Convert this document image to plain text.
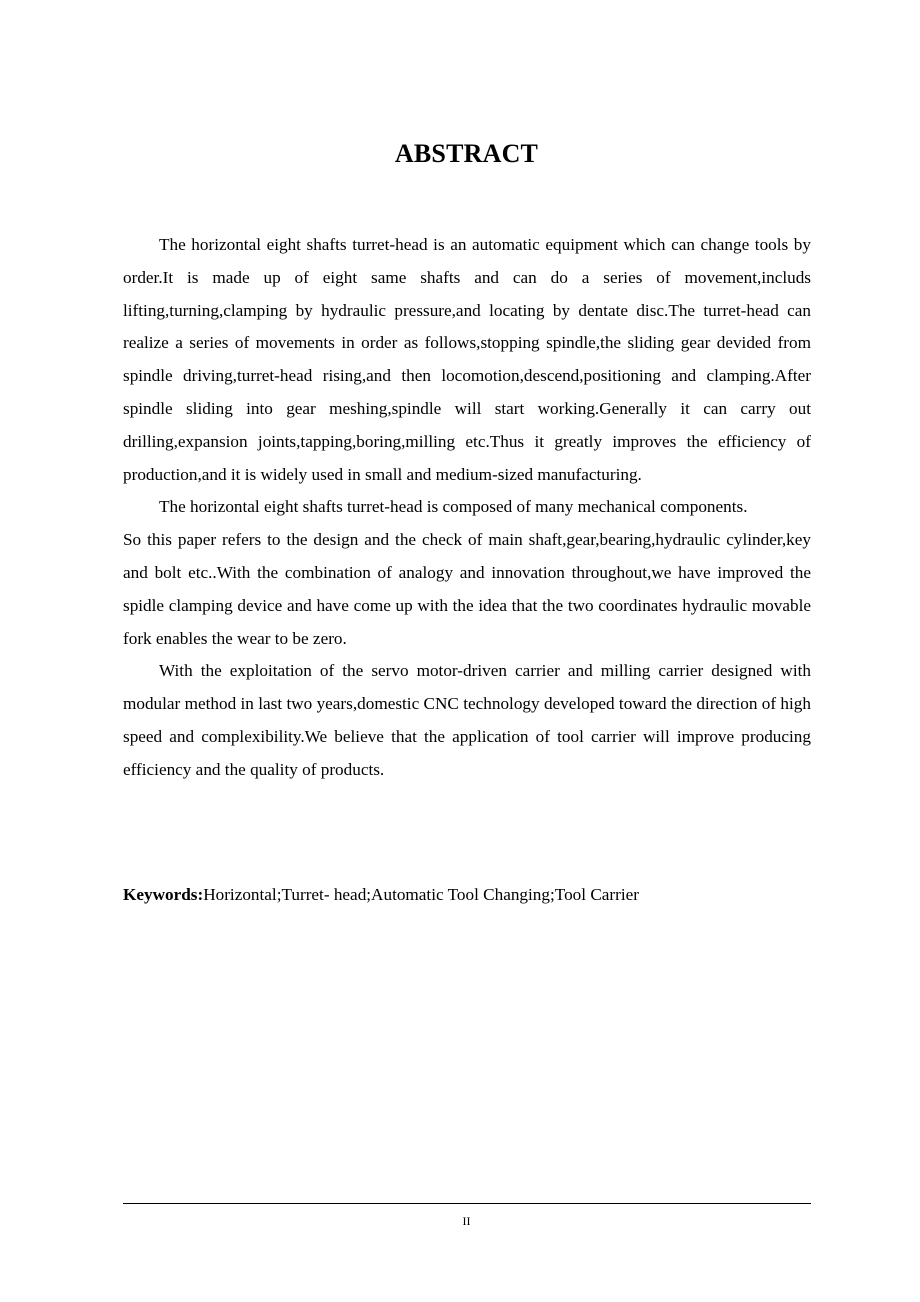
ABSTRACT

The horizontal eight shafts turret-head is an automatic equipment which can change tools by order.It is made up of eight same shafts and can do a series of movement,includs lifting,turning,clamping by hydraulic pressure,and locating by dentate disc.The turret-head can realize a series of movements in order as follows,stopping spindle,the sliding gear devided from spindle driving,turret-head rising,and then locomotion,descend,positioning and clamping.After spindle sliding into gear meshing,spindle will start working.Generally it can carry out drilling,expansion joints,tapping,boring,milling etc.Thus it greatly improves the efficiency of production,and it is widely used in small and medium-sized manufacturing.

The horizontal eight shafts turret-head is composed of many mechanical components.

So this paper refers to the design and the check of main shaft,gear,bearing,hydraulic cylinder,key and bolt etc..With the combination of analogy and innovation throughout,we have improved the spidle clamping device and have come up with the idea that the two coordinates hydraulic movable fork enables the wear to be zero.

With the exploitation of the servo motor-driven carrier and milling carrier designed with modular method in last two years,domestic CNC technology developed toward the direction of high speed and complexibility.We believe that the application of tool carrier will improve producing efficiency and the quality of products.

Keywords:Horizontal;Turret- head;Automatic Tool Changing;Tool Carrier
II
